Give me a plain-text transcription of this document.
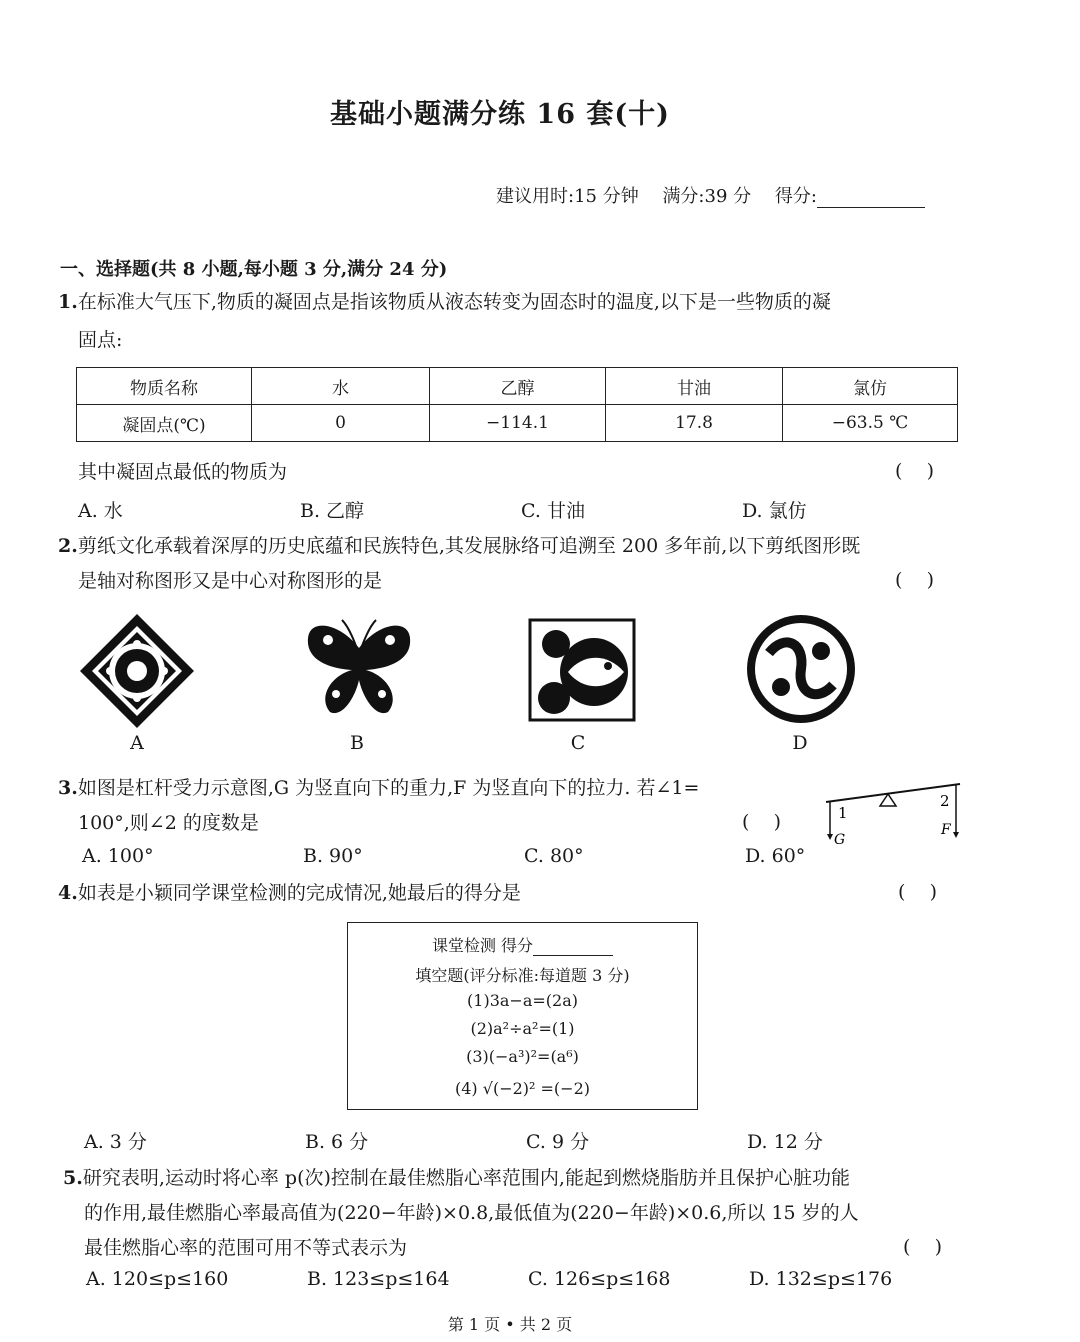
基础小题满分练 16 套(十)
建议用时:15 分钟 满分:39 分 得分:
一、选择题(共 8 小题,每小题 3 分,满分 24 分)
1.在标准大气压下,物质的凝固点是指该物质从液态转变为固态时的温度,以下是一些物质的凝
固点:
物质名称	水	乙醇	甘油	氯仿
凝固点(℃)	0	−114.1	17.8	−63.5 ℃
其中凝固点最低的物质为	(    )
A. 水	B. 乙醇	C. 甘油	D. 氯仿
2.剪纸文化承载着深厚的历史底蕴和民族特色,其发展脉络可追溯至 200 多年前,以下剪纸图形既
是轴对称图形又是中心对称图形的是	(    )
A	B	C	D
3.如图是杠杆受力示意图,G 为竖直向下的重力,F 为竖直向下的拉力. 若∠1=
100°,则∠2 的度数是	(    )
A. 100°	B. 90°	C. 80°	D. 60°
1
2
G
F
4.如表是小颖同学课堂检测的完成情况,她最后的得分是	(    )
课堂检测 得分
填空题(评分标准:每道题 3 分)
(1)3a−a=(2a)
(2)a²÷a²=(1)
(3)(−a³)²=(a⁶)
(4) √(−2)² =(−2)
A. 3 分	B. 6 分	C. 9 分	D. 12 分
5.研究表明,运动时将心率 p(次)控制在最佳燃脂心率范围内,能起到燃烧脂肪并且保护心脏功能
的作用,最佳燃脂心率最高值为(220−年龄)×0.8,最低值为(220−年龄)×0.6,所以 15 岁的人
最佳燃脂心率的范围可用不等式表示为	(    )
A. 120≤p≤160	B. 123≤p≤164	C. 126≤p≤168	D. 132≤p≤176
第 1 页 • 共 2 页
